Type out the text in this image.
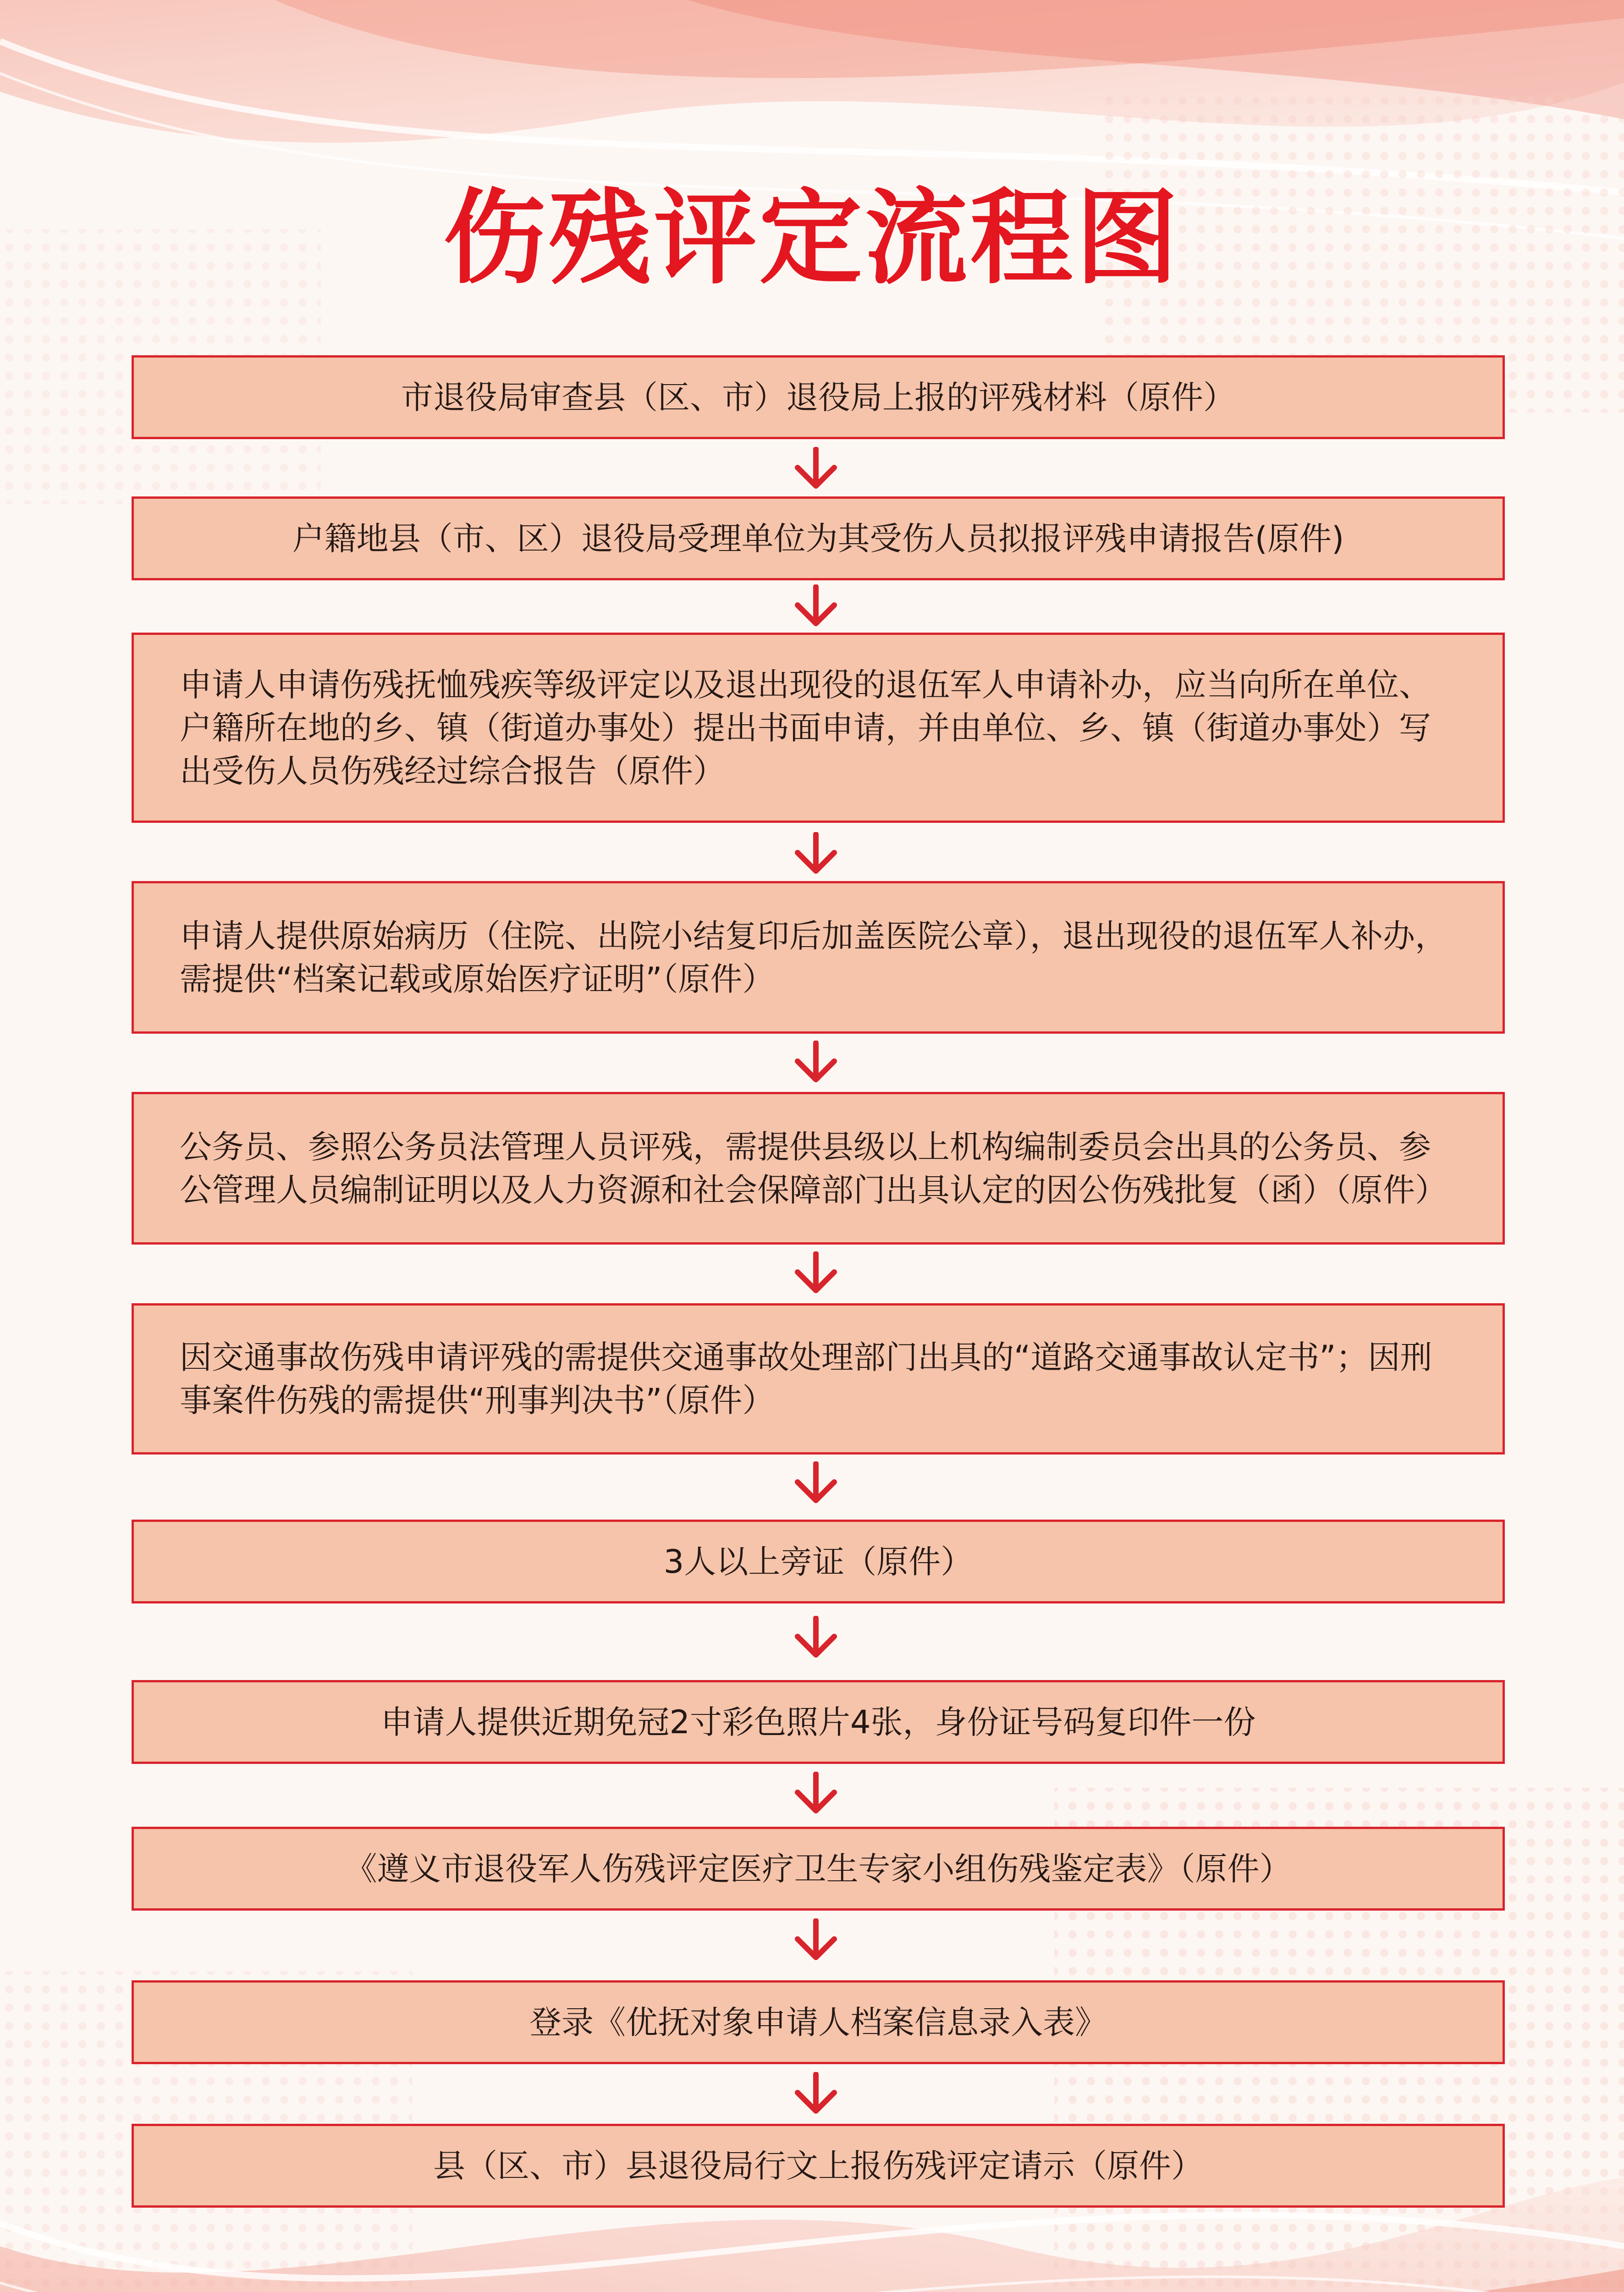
伤残评定流程图
市退役局审查县（区、市）退役局上报的评残材料（原件）
户籍地县（市、区）退役局受理单位为其受伤人员拟报评残申请报告(原件)
申请人申请伤残抚恤残疾等级评定以及退出现役的退伍军人申请补办，应当向所在单位、户籍所在地的乡、镇（街道办事处）提出书面申请，并由单位、乡、镇（街道办事处）写出受伤人员伤残经过综合报告（原件）
申请人提供原始病历（住院、出院小结复印后加盖医院公章），退出现役的退伍军人补办，需提供“档案记载或原始医疗证明”（原件）
公务员、参照公务员法管理人员评残，需提供县级以上机构编制委员会出具的公务员、参公管理人员编制证明以及人力资源和社会保障部门出具认定的因公伤残批复（函）（原件）
因交通事故伤残申请评残的需提供交通事故处理部门出具的“道路交通事故认定书”；因刑事案件伤残的需提供“刑事判决书”（原件）
3人以上旁证（原件）
申请人提供近期免冠2寸彩色照片4张，身份证号码复印件一份
《遵义市退役军人伤残评定医疗卫生专家小组伤残鉴定表》（原件）
登录《优抚对象申请人档案信息录入表》
县（区、市）县退役局行文上报伤残评定请示（原件）
